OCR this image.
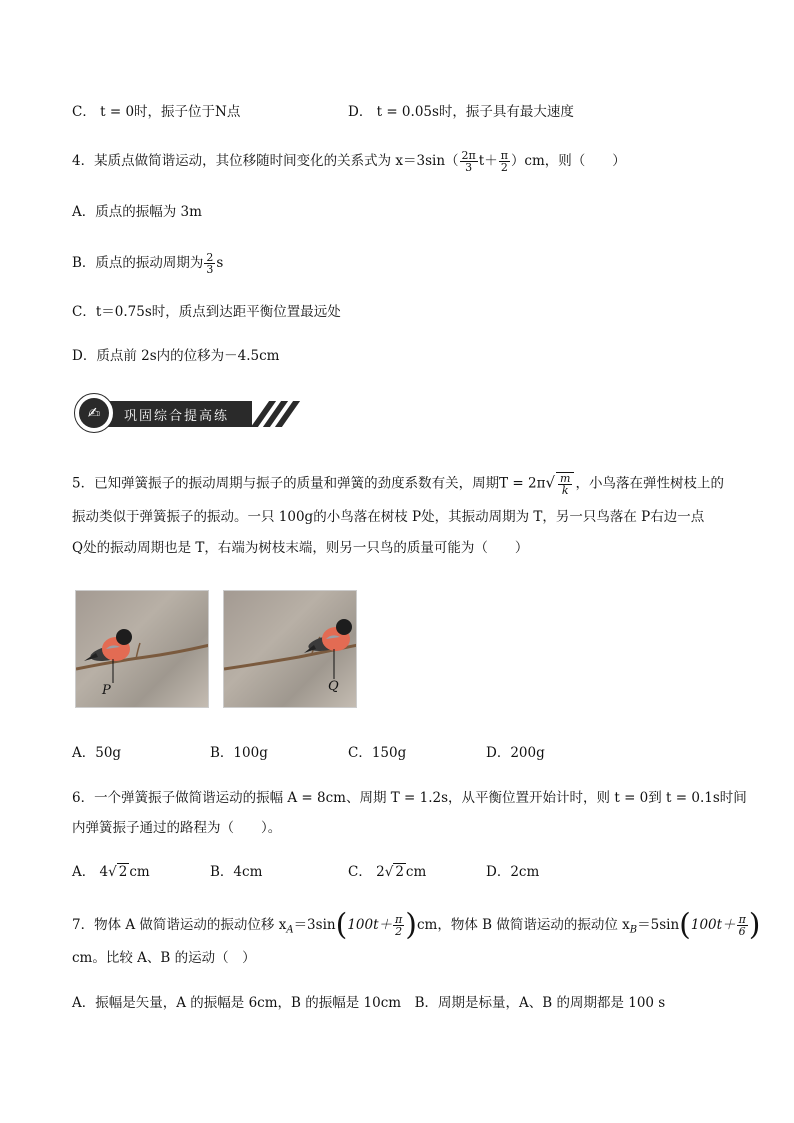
C． t = 0时，振子位于N点	D． t = 0.05s时，振子具有最大速度
4．某质点做简谐运动，其位移随时间变化的关系式为 $x=3\sin( \frac{2\pi}{3} t+ \frac{\pi}{2} )cm$，则（　　）
A．质点的振幅为 3m
B．质点的振动周期为 $\frac{2}{3}$ s
C．t＝0.75s时，质点到达距平衡位置最远处
D．质点前 2s内的位移为－4.5cm
✍	巩固综合提高练
5．已知弹簧振子的振动周期与振子的质量和弹簧的劲度系数有关，周期$T = 2\pi√ \frac{m}{k}$ ，小鸟落在弹性树枝上的
振动类似于弹簧振子的振动。一只 100g的小鸟落在树枝 P处，其振动周期为 T，另一只鸟落在 P右边一点
Q处的振动周期也是 T，右端为树枝末端，则另一只鸟的质量可能为（　　）
P	Q
A．50g	B．100g	C．150g	D．200g
6．一个弹簧振子做简谐运动的振幅 A = 8cm、周期 T = 1.2s，从平衡位置开始计时，则 t = 0到 t = 0.1s时间
内弹簧振子通过的路程为（　　）。
A． 4√ 2 cm	B．4cm	C． 2√ 2 cm	D．2cm
7．物体 A 做简谐运动的振动位移 $x_A=3\sin(100t+ \frac{\pi}{2} )cm$，物体 B 做简谐运动的振动位 $x_B=5\sin(100t+ \frac{\pi}{6}$ )
cm。比较 A、B 的运动（　）
A．振幅是矢量，A 的振幅是 6cm，B 的振幅是 10cm　B．周期是标量，A、B 的周期都是 100 s
